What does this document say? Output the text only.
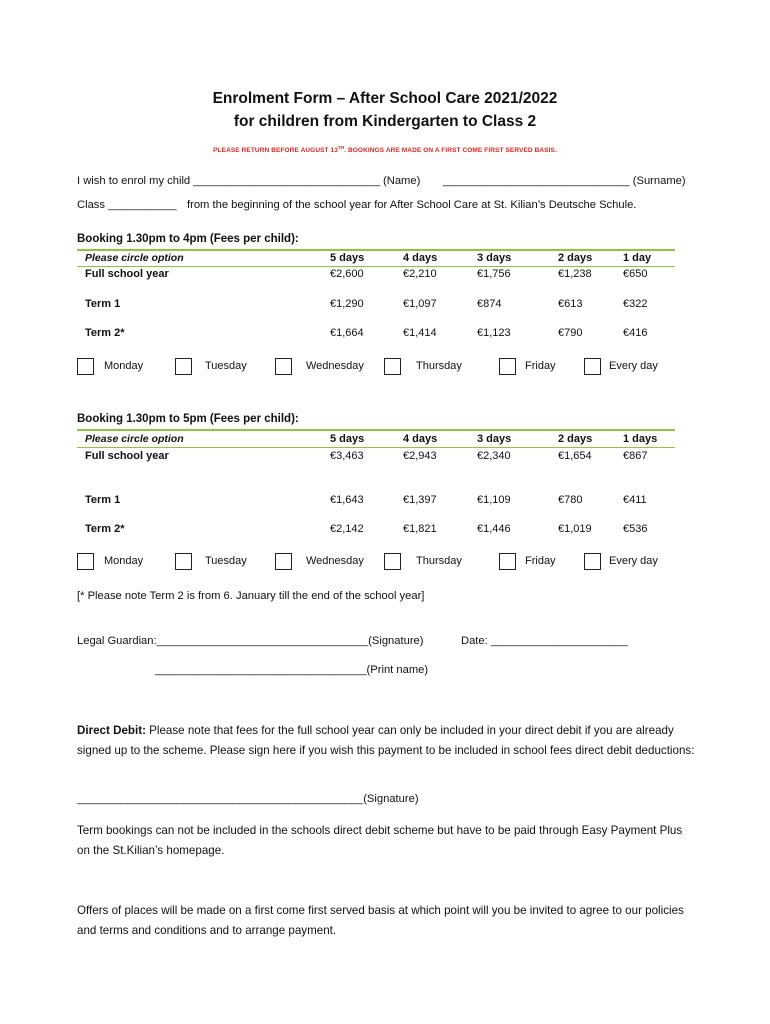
Enrolment Form – After School Care 2021/2022
for children from Kindergarten to Class 2
PLEASE RETURN BEFORE AUGUST 13TH. BOOKINGS ARE MADE ON A FIRST COME FIRST SERVED BASIS.
I wish to enrol my child ______________________________ (Name) ______________________________ (Surname)
Class ___________ from the beginning of the school year for After School Care at St. Kilian’s Deutsche Schule.
Booking 1.30pm to 4pm (Fees per child):
Please circle option	5 days	4 days	3 days	2 days	1 day
Full school year	€2,600	€2,210	€1,756	€1,238	€650
Term 1	€1,290	€1,097	€874	€613	€322
Term 2*	€1,664	€1,414	€1,123	€790	€416
Monday	Tuesday	Wednesday	Thursday	Friday	Every day
Booking 1.30pm to 5pm (Fees per child):
Please circle option	5 days	4 days	3 days	2 days	1 days
Full school year	€3,463	€2,943	€2,340	€1,654	€867
Term 1	€1,643	€1,397	€1,109	€780	€411
Term 2*	€2,142	€1,821	€1,446	€1,019	€536
Monday	Tuesday	Wednesday	Thursday	Friday	Every day
[* Please note Term 2 is from 6. January till the end of the school year]
Legal Guardian:__________________________________(Signature)	Date: ______________________
__________________________________(Print name)
Direct Debit: Please note that fees for the full school year can only be included in your direct debit if you are already signed up to the scheme. Please sign here if you wish this payment to be included in school fees direct debit deductions:
______________________________________________(Signature)
Term bookings can not be included in the schools direct debit scheme but have to be paid through Easy Payment Plus on the St.Kilian’s homepage.
Offers of places will be made on a first come first served basis at which point will you be invited to agree to our policies and terms and conditions and to arrange payment.
